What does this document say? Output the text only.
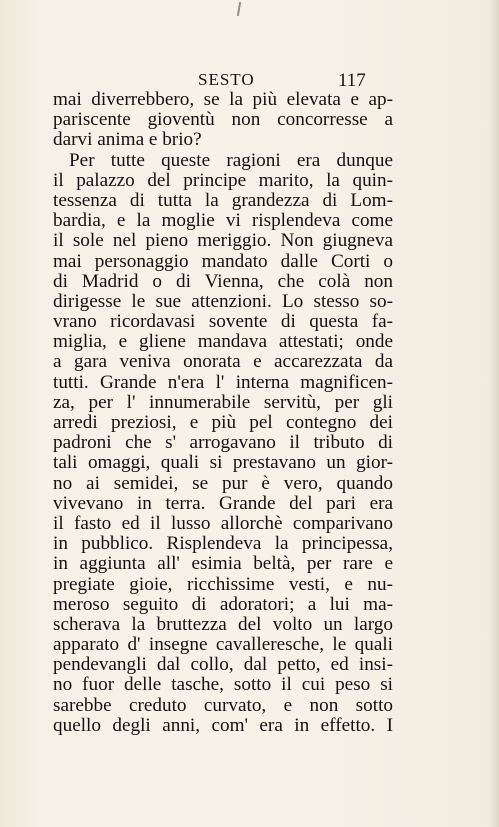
SESTO	117
mai diverrebbero, se la più elevata e ap-
pariscente gioventù non concorresse a
darvi anima e brio?
Per tutte queste ragioni era dunque
il palazzo del principe marito, la quin-
tessenza di tutta la grandezza di Lom-
bardia, e la moglie vi risplendeva come
il sole nel pieno meriggio. Non giugneva
mai personaggio mandato dalle Corti o
di Madrid o di Vienna, che colà non
dirigesse le sue attenzioni. Lo stesso so-
vrano ricordavasi sovente di questa fa-
miglia, e gliene mandava attestati; onde
a gara veniva onorata e accarezzata da
tutti. Grande n'era l' interna magnificen-
za, per l' innumerabile servitù, per gli
arredi preziosi, e più pel contegno dei
padroni che s' arrogavano il tributo di
tali omaggi, quali si prestavano un gior-
no ai semidei, se pur è vero, quando
vivevano in terra. Grande del pari era
il fasto ed il lusso allorchè comparivano
in pubblico. Risplendeva la principessa,
in aggiunta all' esimia beltà, per rare e
pregiate gioie, ricchissime vesti, e nu-
meroso seguito di adoratori; a lui ma-
scherava la bruttezza del volto un largo
apparato d' insegne cavalleresche, le quali
pendevangli dal collo, dal petto, ed insi-
no fuor delle tasche, sotto il cui peso si
sarebbe creduto curvato, e non sotto
quello degli anni, com' era in effetto. I
